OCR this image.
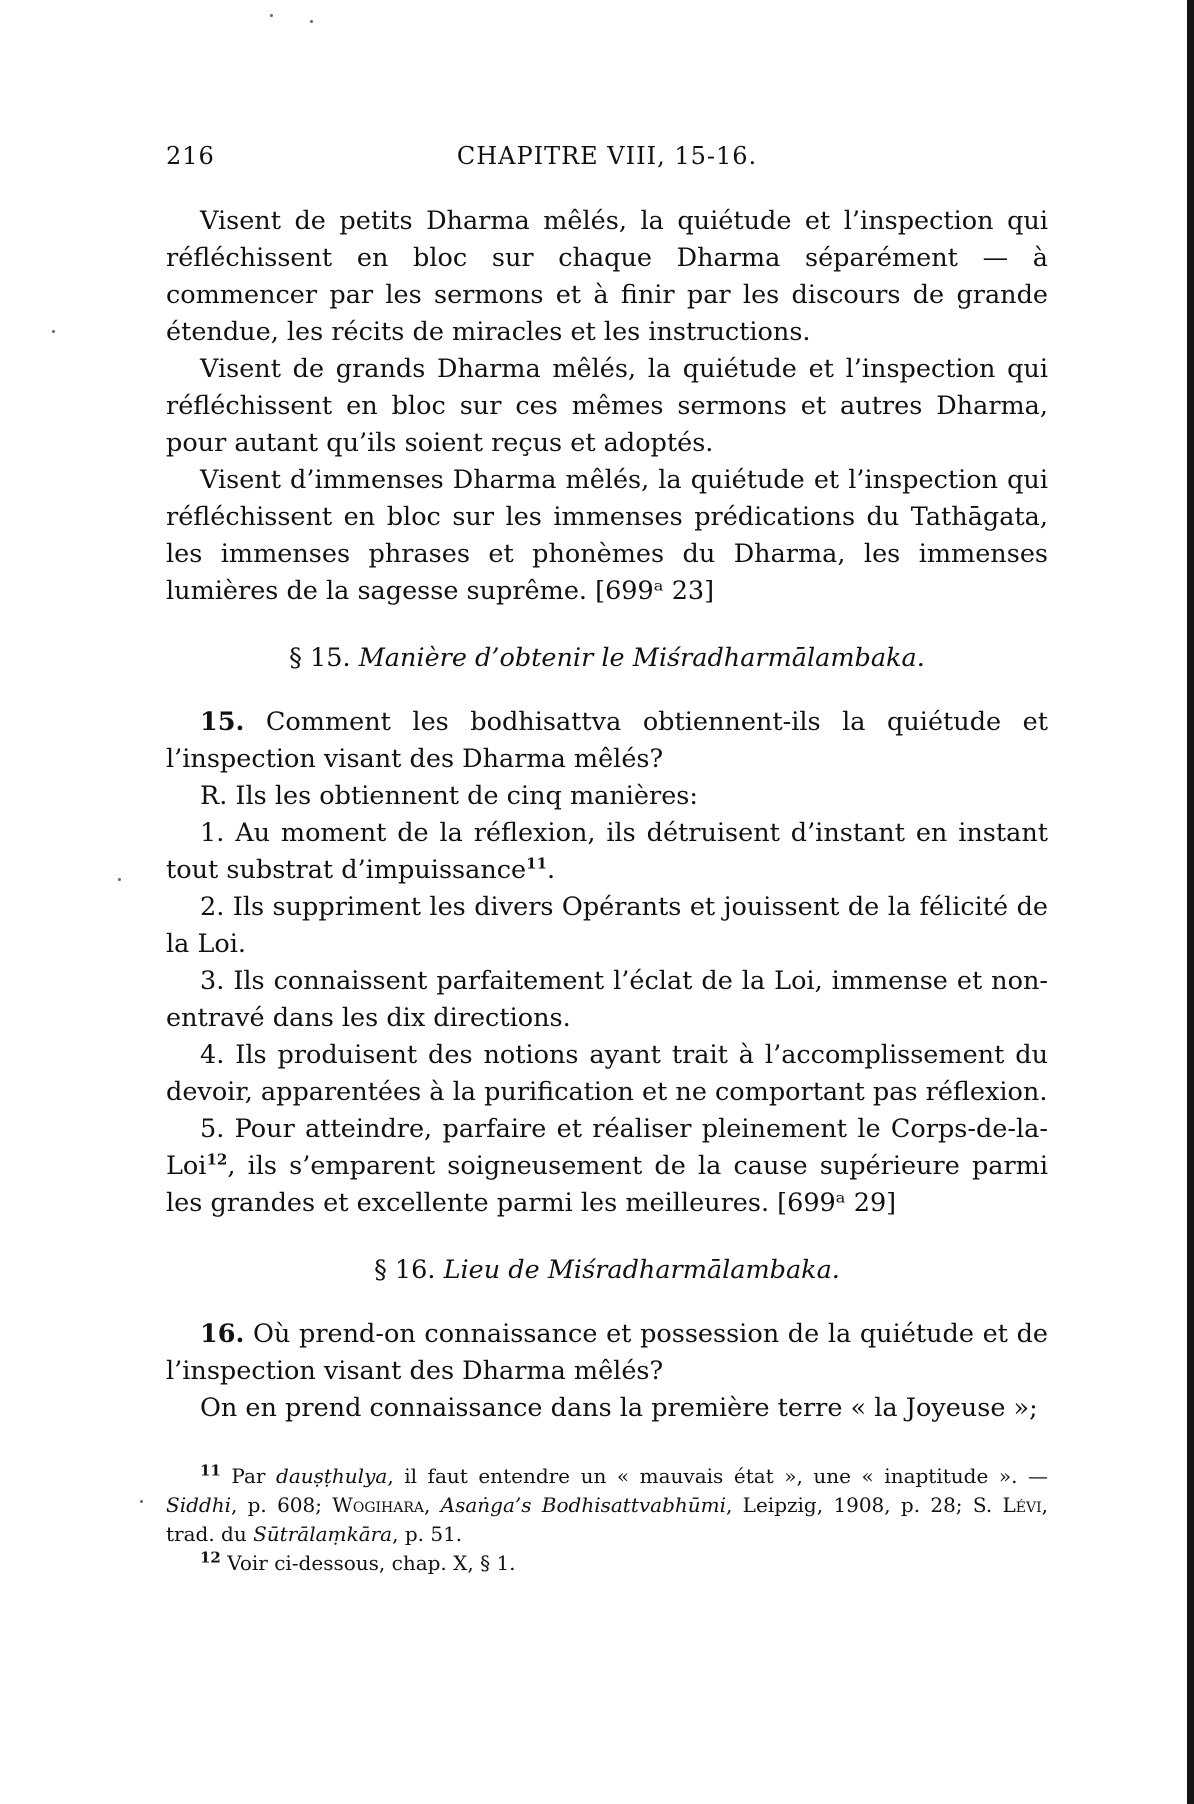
216	CHAPITRE VIII, 15-16.

Visent de petits Dharma mêlés, la quiétude et l’inspection qui réfléchissent en bloc sur chaque Dharma séparément — à commencer par les sermons et à finir par les discours de grande étendue, les récits de miracles et les instructions.

Visent de grands Dharma mêlés, la quiétude et l’inspection qui réfléchissent en bloc sur ces mêmes sermons et autres Dharma, pour autant qu’ils soient reçus et adoptés.

Visent d’immenses Dharma mêlés, la quiétude et l’inspection qui réfléchissent en bloc sur les immenses prédications du Tathāgata, les immenses phrases et phonèmes du Dharma, les immenses lumières de la sagesse suprême. [699ᵃ 23]

§ 15. Manière d’obtenir le Miśradharmālambaka.

15. Comment les bodhisattva obtiennent-ils la quiétude et l’inspection visant des Dharma mêlés?

R. Ils les obtiennent de cinq manières:

1. Au moment de la réflexion, ils détruisent d’instant en instant tout substrat d’impuissance$^{11}$.

2. Ils suppriment les divers Opérants et jouissent de la félicité de la Loi.

3. Ils connaissent parfaitement l’éclat de la Loi, immense et non-entravé dans les dix directions.

4. Ils produisent des notions ayant trait à l’accomplissement du devoir, apparentées à la purification et ne comportant pas réflexion.

5. Pour atteindre, parfaire et réaliser pleinement le Corps-de-la-Loi$^{12}$, ils s’emparent soigneusement de la cause supérieure parmi les grandes et excellente parmi les meilleures. [699ᵃ 29]

§ 16. Lieu de Miśradharmālambaka.

16. Où prend-on connaissance et possession de la quiétude et de l’inspection visant des Dharma mêlés?

On en prend connaissance dans la première terre « la Joyeuse »;

$^{11}$ Par dauṣṭhulya, il faut entendre un « mauvais état », une « inaptitude ». — Siddhi, p. 608; Wogihara, Asaṅga’s Bodhisattvabhūmi, Leipzig, 1908, p. 28; S. Lévi, trad. du Sūtrālaṃkāra, p. 51.

$^{12}$ Voir ci-dessous, chap. X, § 1.
